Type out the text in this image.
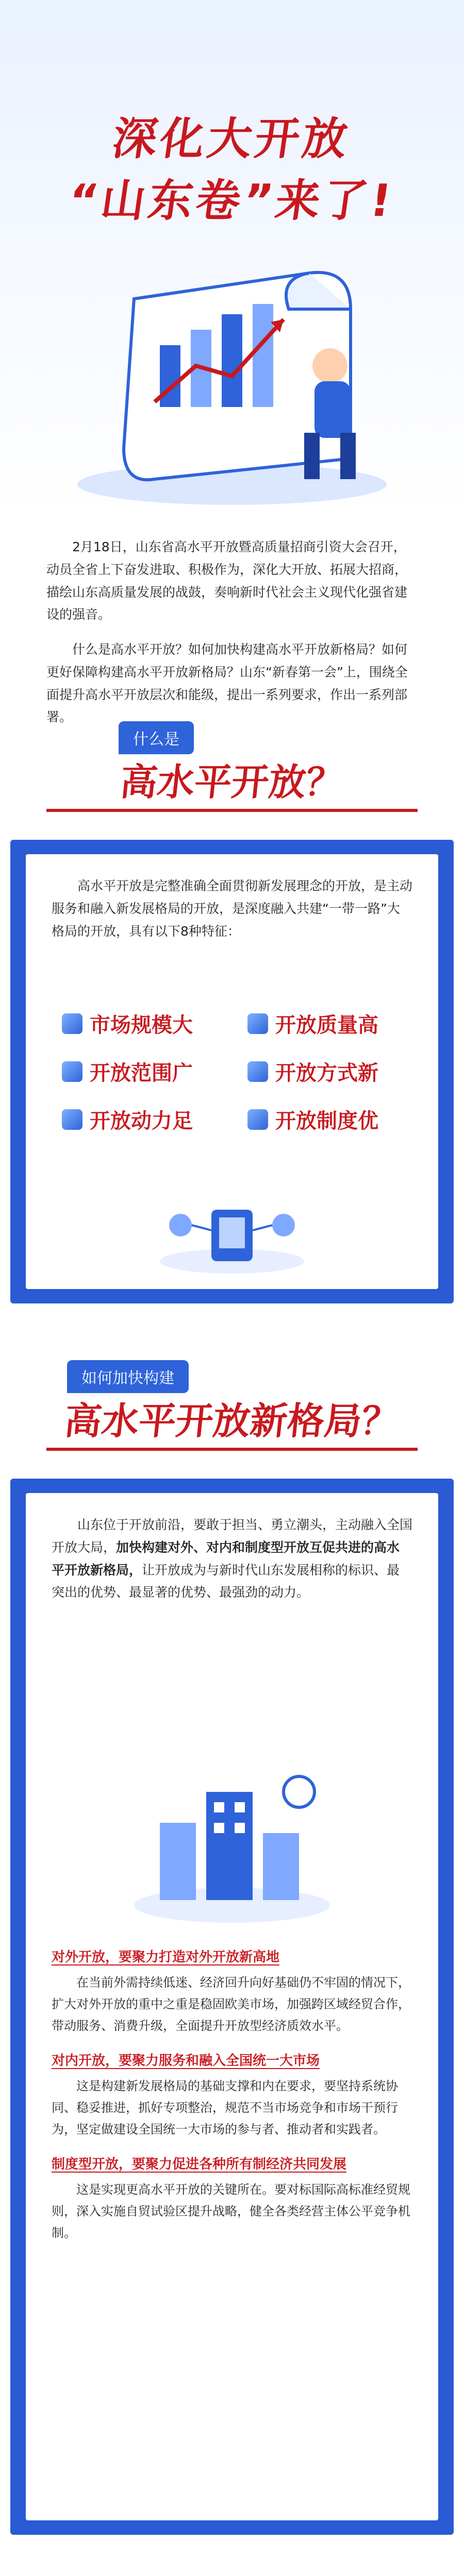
深化大开放
“山东卷”来了!

2月18日，山东省高水平开放暨高质量招商引资大会召开，动员全省上下奋发进取、积极作为，深化大开放、拓展大招商，描绘山东高质量发展的战鼓，奏响新时代社会主义现代化强省建设的强音。

什么是高水平开放？如何加快构建高水平开放新格局？如何更好保障构建高水平开放新格局？山东“新春第一会”上，围绕全面提升高水平开放层次和能级，提出一系列要求，作出一系列部署。

什么是
高水平开放？

高水平开放是完整准确全面贯彻新发展理念的开放，是主动服务和融入新发展格局的开放，是深度融入共建“一带一路”大格局的开放，具有以下8种特征：

市场规模大	开放质量高
开放范围广	开放方式新
开放动力足	开放制度优
如何加快构建
高水平开放新格局？

山东位于开放前沿，要敢于担当、勇立潮头，主动融入全国开放大局，加快构建对外、对内和制度型开放互促共进的高水平开放新格局，让开放成为与新时代山东发展相称的标识、最突出的优势、最显著的优势、最强劲的动力。

对外开放，要聚力打造对外开放新高地

在当前外需持续低迷、经济回升向好基础仍不牢固的情况下，扩大对外开放的重中之重是稳固欧美市场，加强跨区域经贸合作，带动服务、消费升级，全面提升开放型经济质效水平。

对内开放，要聚力服务和融入全国统一大市场

这是构建新发展格局的基础支撑和内在要求，要坚持系统协同、稳妥推进，抓好专项整治，规范不当市场竞争和市场干预行为，坚定做建设全国统一大市场的参与者、推动者和实践者。

制度型开放，要聚力促进各种所有制经济共同发展

这是实现更高水平开放的关键所在。要对标国际高标准经贸规则，深入实施自贸试验区提升战略，健全各类经营主体公平竞争机制。
